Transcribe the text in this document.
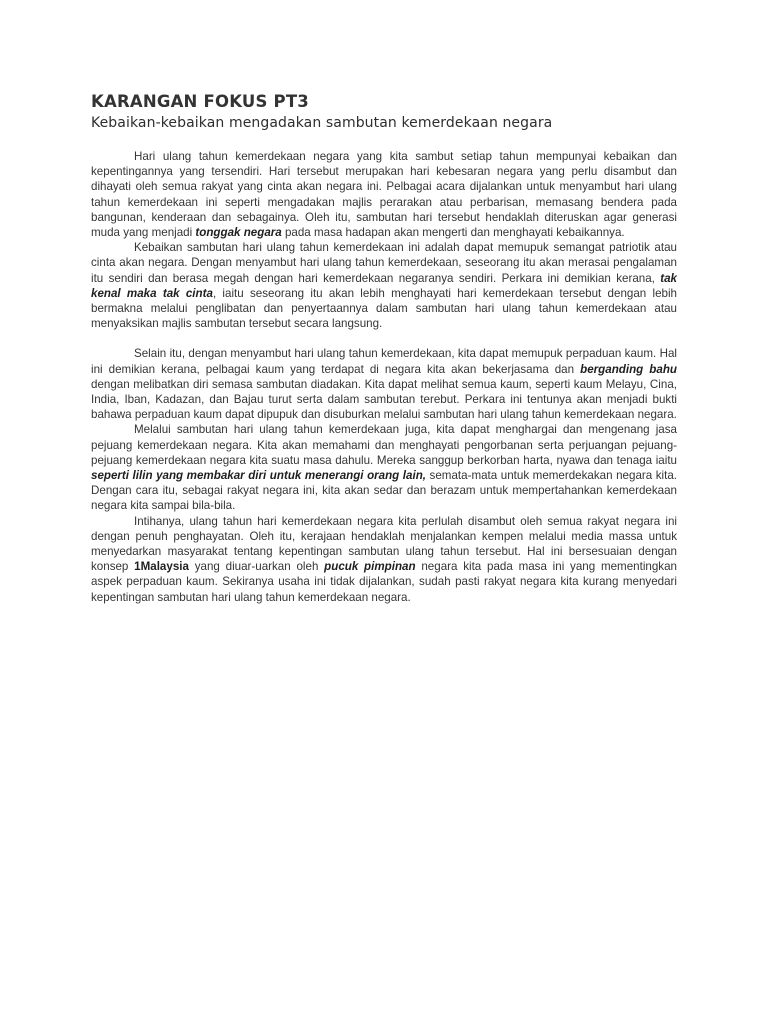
KARANGAN FOKUS PT3
Kebaikan-kebaikan mengadakan sambutan kemerdekaan negara

Hari ulang tahun kemerdekaan negara yang kita sambut setiap tahun mempunyai kebaikan dan kepentingannya yang tersendiri. Hari tersebut merupakan hari kebesaran negara yang perlu disambut dan dihayati oleh semua rakyat yang cinta akan negara ini. Pelbagai acara dijalankan untuk menyambut hari ulang tahun kemerdekaan ini seperti mengadakan majlis perarakan atau perbarisan, memasang bendera pada bangunan, kenderaan dan sebagainya. Oleh itu, sambutan hari tersebut hendaklah diteruskan agar generasi muda yang menjadi tonggak negara pada masa hadapan akan mengerti dan menghayati kebaikannya.

Kebaikan sambutan hari ulang tahun kemerdekaan ini adalah dapat memupuk semangat patriotik atau cinta akan negara. Dengan menyambut hari ulang tahun kemerdekaan, seseorang itu akan merasai pengalaman itu sendiri dan berasa megah dengan hari kemerdekaan negaranya sendiri. Perkara ini demikian kerana, tak kenal maka tak cinta, iaitu seseorang itu akan lebih menghayati hari kemerdekaan tersebut dengan lebih bermakna melalui penglibatan dan penyertaannya dalam sambutan hari ulang tahun kemerdekaan atau menyaksikan majlis sambutan tersebut secara langsung.

Selain itu, dengan menyambut hari ulang tahun kemerdekaan, kita dapat memupuk perpaduan kaum. Hal ini demikian kerana, pelbagai kaum yang terdapat di negara kita akan bekerjasama dan berganding bahu dengan melibatkan diri semasa sambutan diadakan. Kita dapat melihat semua kaum, seperti kaum Melayu, Cina, India, Iban, Kadazan, dan Bajau turut serta dalam sambutan terebut. Perkara ini tentunya akan menjadi bukti bahawa perpaduan kaum dapat dipupuk dan disuburkan melalui sambutan hari ulang tahun kemerdekaan negara.

Melalui sambutan hari ulang tahun kemerdekaan juga, kita dapat menghargai dan mengenang jasa pejuang kemerdekaan negara. Kita akan memahami dan menghayati pengorbanan serta perjuangan pejuang-pejuang kemerdekaan negara kita suatu masa dahulu. Mereka sanggup berkorban harta, nyawa dan tenaga iaitu seperti lilin yang membakar diri untuk menerangi orang lain, semata-mata untuk memerdekakan negara kita. Dengan cara itu, sebagai rakyat negara ini, kita akan sedar dan berazam untuk mempertahankan kemerdekaan negara kita sampai bila-bila.

Intihanya, ulang tahun hari kemerdekaan negara kita perlulah disambut oleh semua rakyat negara ini dengan penuh penghayatan. Oleh itu, kerajaan hendaklah menjalankan kempen melalui media massa untuk menyedarkan masyarakat tentang kepentingan sambutan ulang tahun tersebut. Hal ini bersesuaian dengan konsep 1Malaysia yang diuar-uarkan oleh pucuk pimpinan negara kita pada masa ini yang mementingkan aspek perpaduan kaum. Sekiranya usaha ini tidak dijalankan, sudah pasti rakyat negara kita kurang menyedari kepentingan sambutan hari ulang tahun kemerdekaan negara.
